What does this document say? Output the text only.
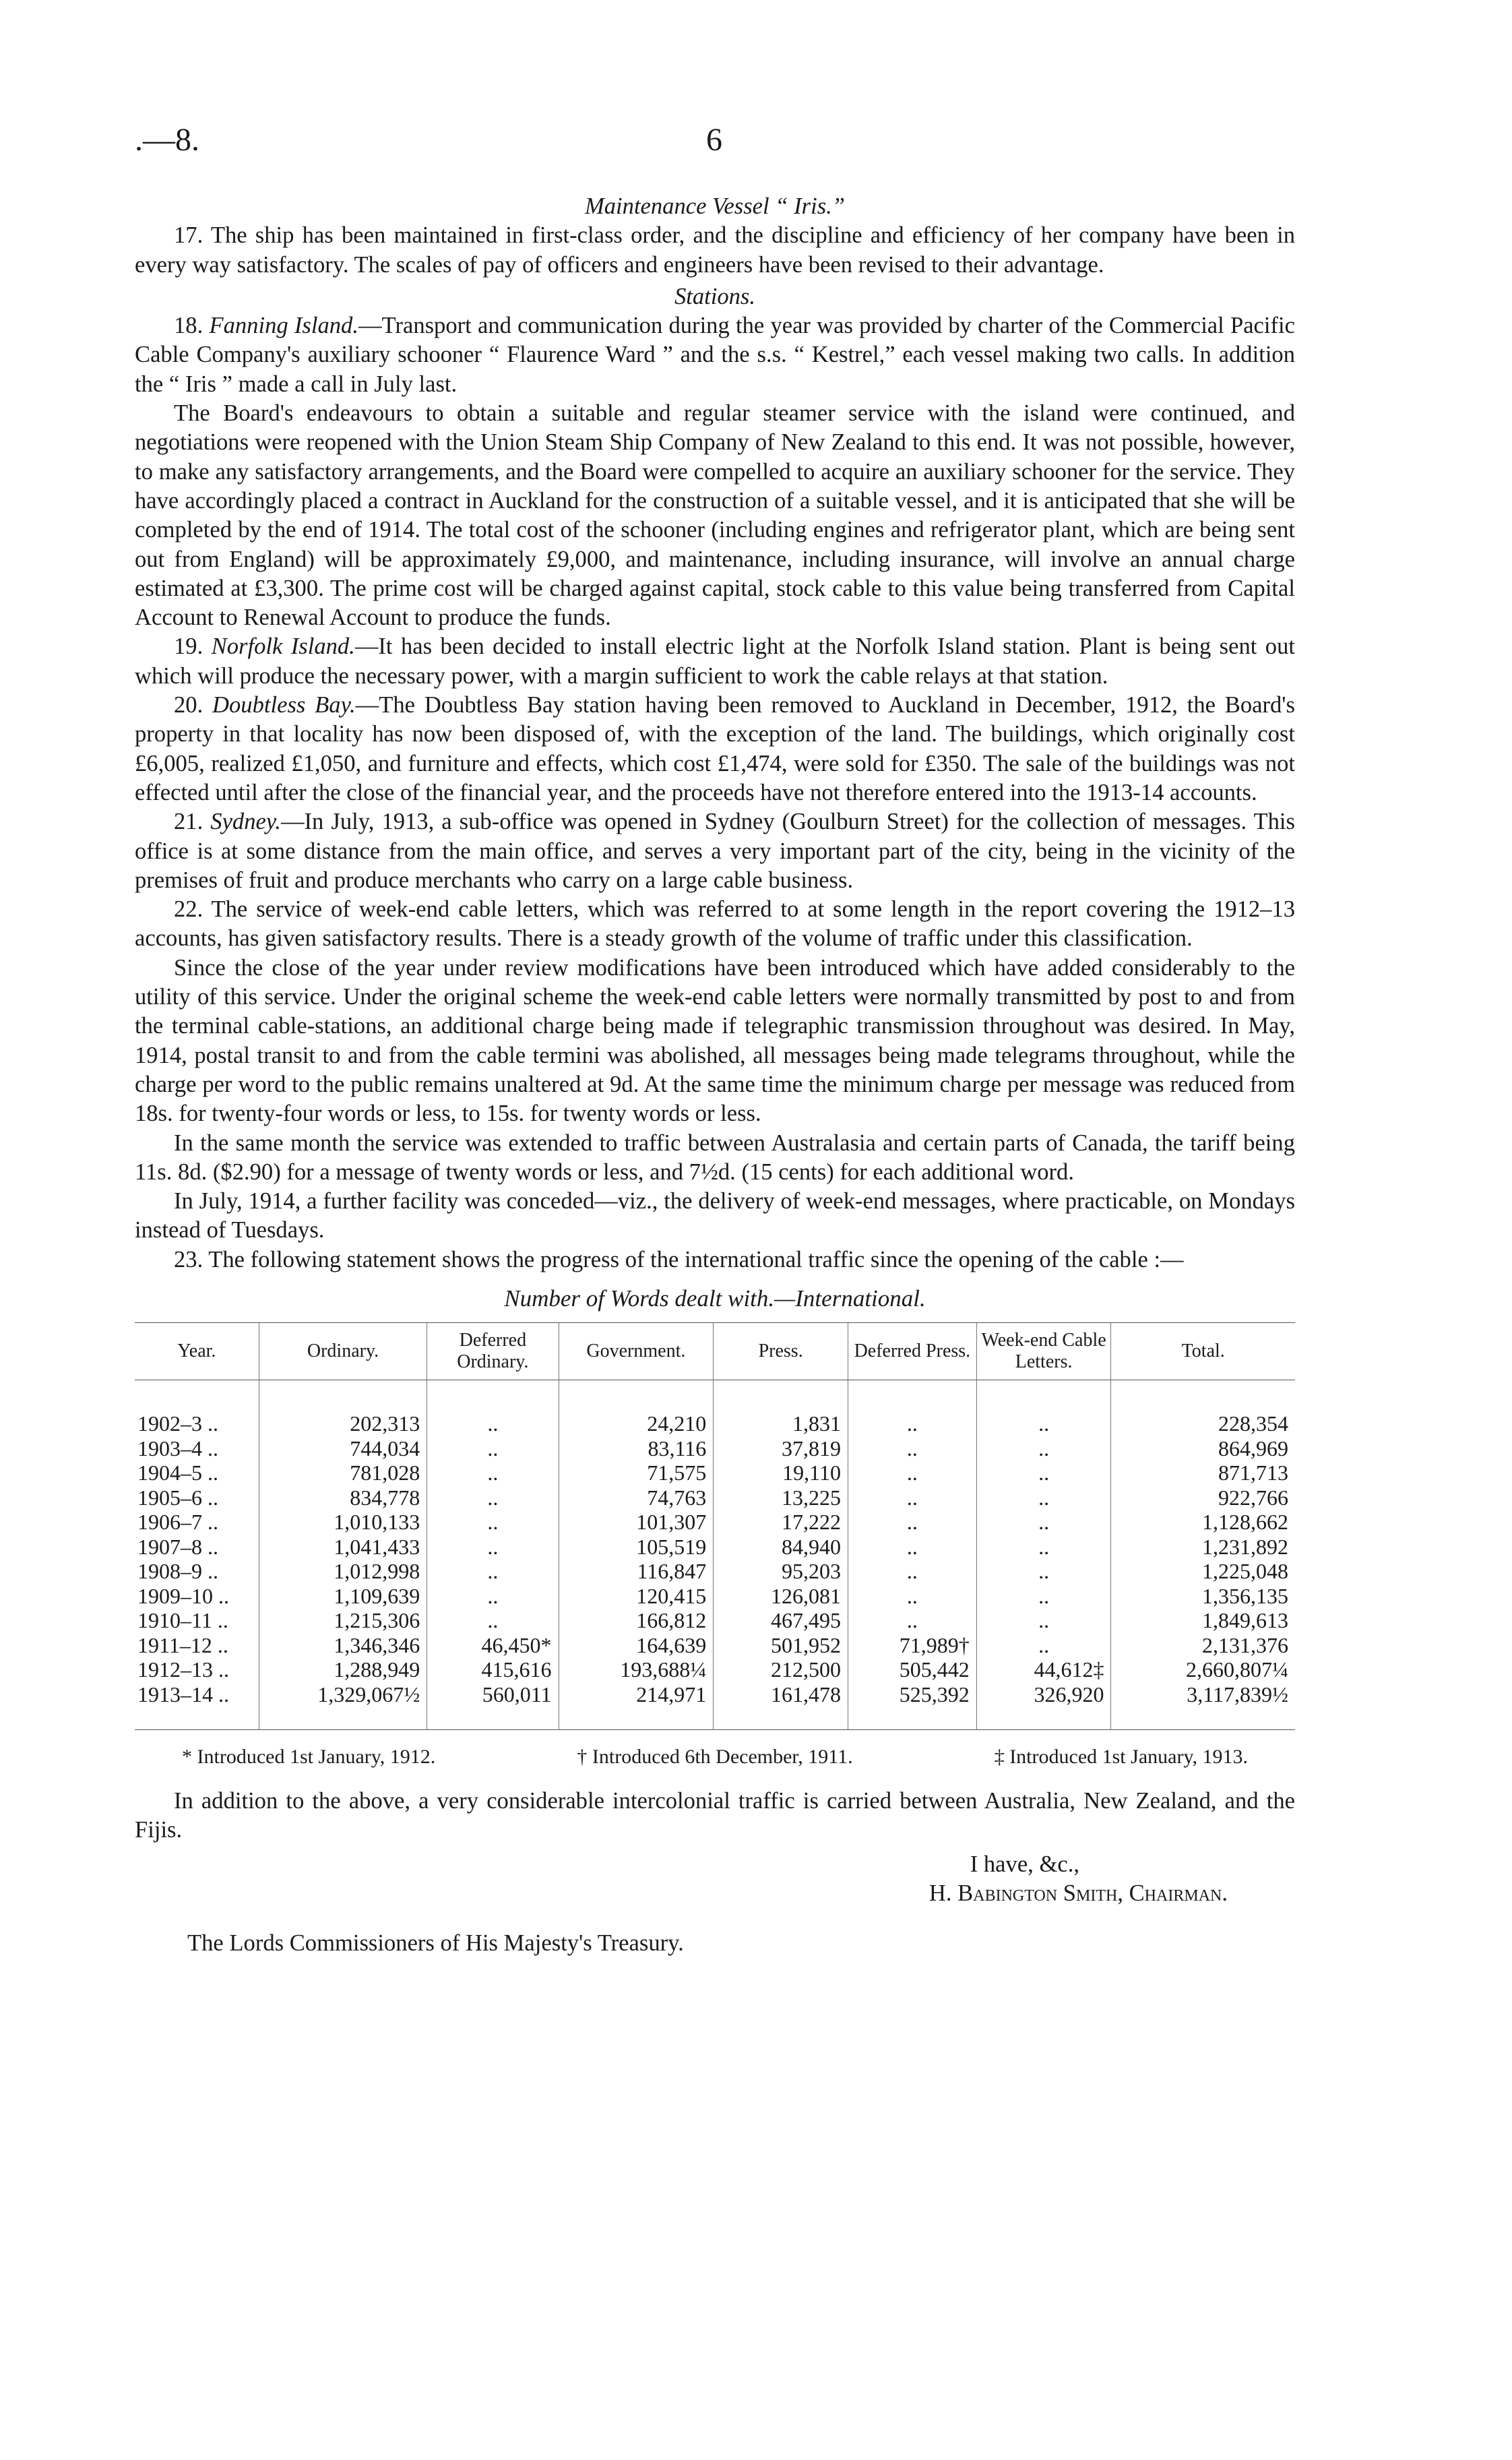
.—8.	6
Maintenance Vessel “ Iris.”

17. The ship has been maintained in first-class order, and the discipline and efficiency of her company have been in every way satisfactory. The scales of pay of officers and engineers have been revised to their advantage.

Stations.

18. Fanning Island.—Transport and communication during the year was provided by charter of the Commercial Pacific Cable Company's auxiliary schooner “ Flaurence Ward ” and the s.s. “ Kestrel,” each vessel making two calls. In addition the “ Iris ” made a call in July last.

The Board's endeavours to obtain a suitable and regular steamer service with the island were continued, and negotiations were reopened with the Union Steam Ship Company of New Zealand to this end. It was not possible, however, to make any satisfactory arrangements, and the Board were compelled to acquire an auxiliary schooner for the service. They have accordingly placed a contract in Auckland for the construction of a suitable vessel, and it is anticipated that she will be completed by the end of 1914. The total cost of the schooner (including engines and refrigerator plant, which are being sent out from England) will be approximately £9,000, and maintenance, including insurance, will involve an annual charge estimated at £3,300. The prime cost will be charged against capital, stock cable to this value being transferred from Capital Account to Renewal Account to produce the funds.

19. Norfolk Island.—It has been decided to install electric light at the Norfolk Island station. Plant is being sent out which will produce the necessary power, with a margin sufficient to work the cable relays at that station.

20. Doubtless Bay.—The Doubtless Bay station having been removed to Auckland in December, 1912, the Board's property in that locality has now been disposed of, with the exception of the land. The buildings, which originally cost £6,005, realized £1,050, and furniture and effects, which cost £1,474, were sold for £350. The sale of the buildings was not effected until after the close of the financial year, and the proceeds have not therefore entered into the 1913-14 accounts.

21. Sydney.—In July, 1913, a sub-office was opened in Sydney (Goulburn Street) for the collection of messages. This office is at some distance from the main office, and serves a very important part of the city, being in the vicinity of the premises of fruit and produce merchants who carry on a large cable business.

22. The service of week-end cable letters, which was referred to at some length in the report covering the 1912–13 accounts, has given satisfactory results. There is a steady growth of the volume of traffic under this classification.

Since the close of the year under review modifications have been introduced which have added considerably to the utility of this service. Under the original scheme the week-end cable letters were normally transmitted by post to and from the terminal cable-stations, an additional charge being made if telegraphic transmission throughout was desired. In May, 1914, postal transit to and from the cable termini was abolished, all messages being made telegrams throughout, while the charge per word to the public remains unaltered at 9d. At the same time the minimum charge per message was reduced from 18s. for twenty-four words or less, to 15s. for twenty words or less.

In the same month the service was extended to traffic between Australasia and certain parts of Canada, the tariff being 11s. 8d. ($2.90) for a message of twenty words or less, and 7½d. (15 cents) for each additional word.

In July, 1914, a further facility was conceded—viz., the delivery of week-end messages, where practicable, on Mondays instead of Tuesdays.

23. The following statement shows the progress of the international traffic since the opening of the cable :—

Number of Words dealt with.—International.
Year.	Ordinary.	Deferred Ordinary.	Government.	Press.	Deferred Press.	Week-end Cable Letters.	Total.
1902–3 ..	202,313	..	24,210	1,831	..	..	228,354
1903–4 ..	744,034	..	83,116	37,819	..	..	864,969
1904–5 ..	781,028	..	71,575	19,110	..	..	871,713
1905–6 ..	834,778	..	74,763	13,225	..	..	922,766
1906–7 ..	1,010,133	..	101,307	17,222	..	..	1,128,662
1907–8 ..	1,041,433	..	105,519	84,940	..	..	1,231,892
1908–9 ..	1,012,998	..	116,847	95,203	..	..	1,225,048
1909–10 ..	1,109,639	..	120,415	126,081	..	..	1,356,135
1910–11 ..	1,215,306	..	166,812	467,495	..	..	1,849,613
1911–12 ..	1,346,346	46,450*	164,639	501,952	71,989†	..	2,131,376
1912–13 ..	1,288,949	415,616	193,688¼	212,500	505,442	44,612‡	2,660,807¼
1913–14 ..	1,329,067½	560,011	214,971	161,478	525,392	326,920	3,117,839½
* Introduced 1st January, 1912.	† Introduced 6th December, 1911.	‡ Introduced 1st January, 1913.

In addition to the above, a very considerable intercolonial traffic is carried between Australia, New Zealand, and the Fijis.

I have, &c.,
H. Babington Smith, Chairman.
The Lords Commissioners of His Majesty's Treasury.
